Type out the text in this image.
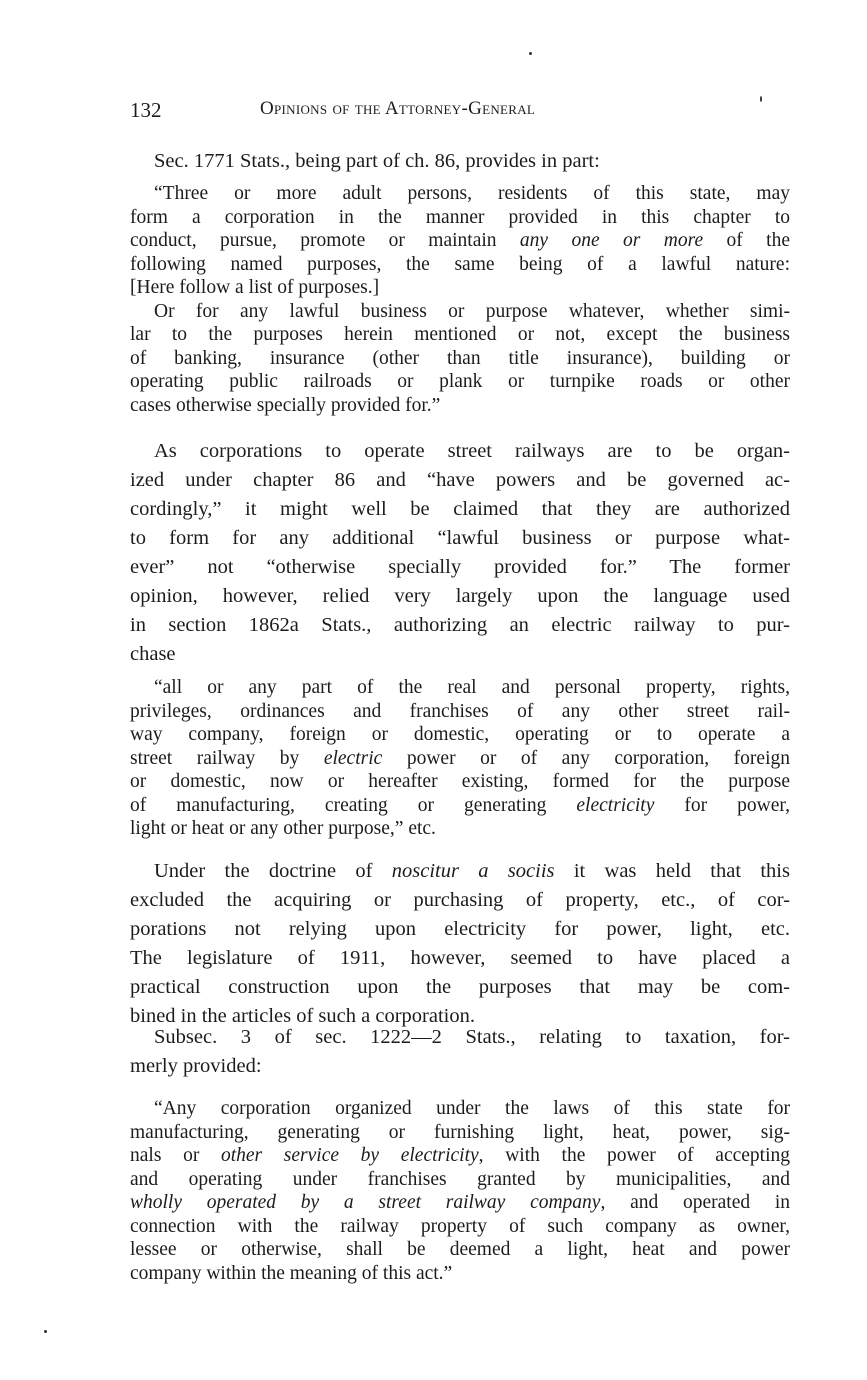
132	Opinions of the Attorney-General
Sec. 1771 Stats., being part of ch. 86, provides in part:
“Three or more adult persons, residents of this state, may
form a corporation in the manner provided in this chapter to
conduct, pursue, promote or maintain any one or more of the
following named purposes, the same being of a lawful nature:
[Here follow a list of purposes.]
Or for any lawful business or purpose whatever, whether simi-
lar to the purposes herein mentioned or not, except the business
of banking, insurance (other than title insurance), building or
operating public railroads or plank or turnpike roads or other
cases otherwise specially provided for.”
As corporations to operate street railways are to be organ-
ized under chapter 86 and “have powers and be governed ac-
cordingly,” it might well be claimed that they are authorized
to form for any additional “lawful business or purpose what-
ever” not “otherwise specially provided for.” The former
opinion, however, relied very largely upon the language used
in section 1862a Stats., authorizing an electric railway to pur-
chase
“all or any part of the real and personal property, rights,
privileges, ordinances and franchises of any other street rail-
way company, foreign or domestic, operating or to operate a
street railway by electric power or of any corporation, foreign
or domestic, now or hereafter existing, formed for the purpose
of manufacturing, creating or generating electricity for power,
light or heat or any other purpose,” etc.
Under the doctrine of noscitur a sociis it was held that this
excluded the acquiring or purchasing of property, etc., of cor-
porations not relying upon electricity for power, light, etc.
The legislature of 1911, however, seemed to have placed a
practical construction upon the purposes that may be com-
bined in the articles of such a corporation.
Subsec. 3 of sec. 1222—2 Stats., relating to taxation, for-
merly provided:
“Any corporation organized under the laws of this state for
manufacturing, generating or furnishing light, heat, power, sig-
nals or other service by electricity, with the power of accepting
and operating under franchises granted by municipalities, and
wholly operated by a street railway company, and operated in
connection with the railway property of such company as owner,
lessee or otherwise, shall be deemed a light, heat and power
company within the meaning of this act.”
